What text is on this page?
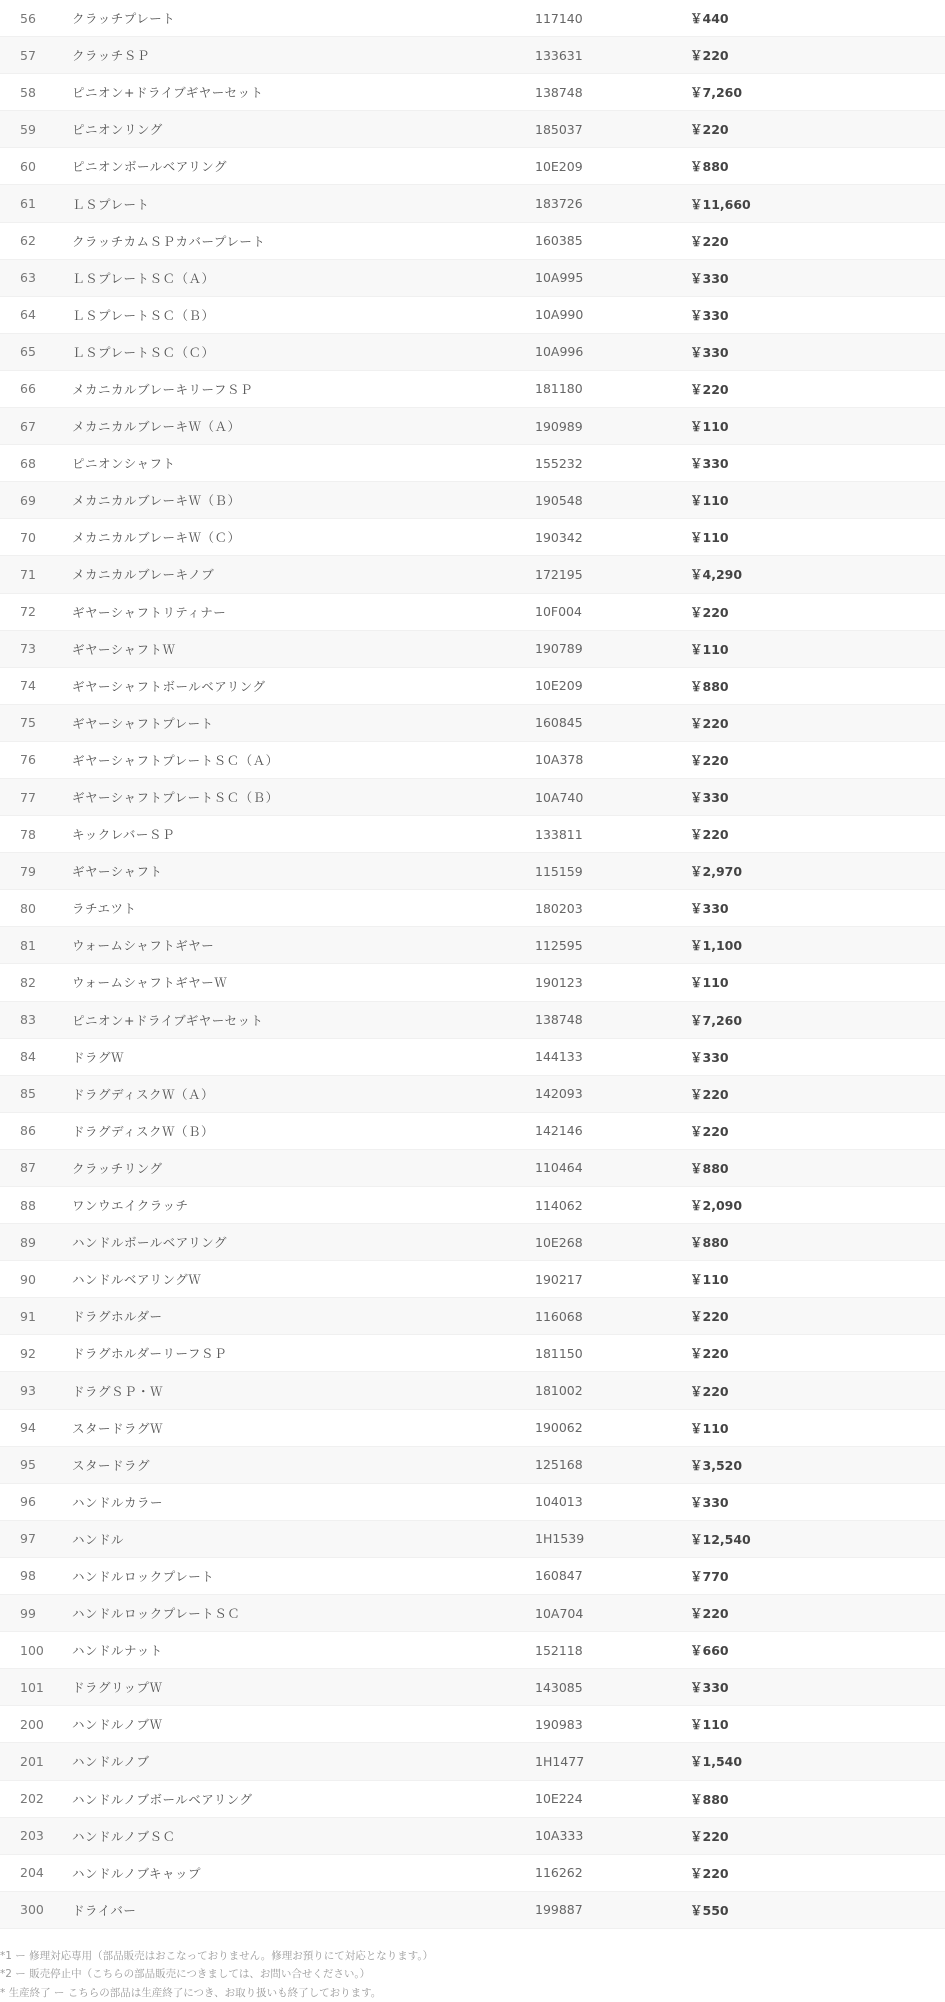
56	クラッチプレート	117140	￥440
57	クラッチＳＰ	133631	￥220
58	ピニオン+ドライブギヤーセット	138748	￥7,260
59	ピニオンリング	185037	￥220
60	ピニオンボールベアリング	10E209	￥880
61	ＬＳプレート	183726	￥11,660
62	クラッチカムＳＰカバープレート	160385	￥220
63	ＬＳプレートＳＣ（Ａ）	10A995	￥330
64	ＬＳプレートＳＣ（Ｂ）	10A990	￥330
65	ＬＳプレートＳＣ（Ｃ）	10A996	￥330
66	メカニカルブレーキリーフＳＰ	181180	￥220
67	メカニカルブレーキＷ（Ａ）	190989	￥110
68	ピニオンシャフト	155232	￥330
69	メカニカルブレーキＷ（Ｂ）	190548	￥110
70	メカニカルブレーキＷ（Ｃ）	190342	￥110
71	メカニカルブレーキノブ	172195	￥4,290
72	ギヤーシャフトリティナー	10F004	￥220
73	ギヤーシャフトＷ	190789	￥110
74	ギヤーシャフトボールベアリング	10E209	￥880
75	ギヤーシャフトプレート	160845	￥220
76	ギヤーシャフトプレートＳＣ（Ａ）	10A378	￥220
77	ギヤーシャフトプレートＳＣ（Ｂ）	10A740	￥330
78	キックレバーＳＰ	133811	￥220
79	ギヤーシャフト	115159	￥2,970
80	ラチエツト	180203	￥330
81	ウォームシャフトギヤー	112595	￥1,100
82	ウォームシャフトギヤーＷ	190123	￥110
83	ピニオン+ドライブギヤーセット	138748	￥7,260
84	ドラグＷ	144133	￥330
85	ドラグディスクＷ（Ａ）	142093	￥220
86	ドラグディスクＷ（Ｂ）	142146	￥220
87	クラッチリング	110464	￥880
88	ワンウエイクラッチ	114062	￥2,090
89	ハンドルボールベアリング	10E268	￥880
90	ハンドルベアリングＷ	190217	￥110
91	ドラグホルダー	116068	￥220
92	ドラグホルダーリーフＳＰ	181150	￥220
93	ドラグＳＰ・Ｗ	181002	￥220
94	スタードラグＷ	190062	￥110
95	スタードラグ	125168	￥3,520
96	ハンドルカラー	104013	￥330
97	ハンドル	1H1539	￥12,540
98	ハンドルロックプレート	160847	￥770
99	ハンドルロックプレートＳＣ	10A704	￥220
100	ハンドルナット	152118	￥660
101	ドラグリップＷ	143085	￥330
200	ハンドルノブＷ	190983	￥110
201	ハンドルノブ	1H1477	￥1,540
202	ハンドルノブボールベアリング	10E224	￥880
203	ハンドルノブＳＣ	10A333	￥220
204	ハンドルノブキャップ	116262	￥220
300	ドライバー	199887	￥550
*1 ー 修理対応専用（部品販売はおこなっておりません。修理お預りにて対応となります。）
*2 ー 販売停止中（こちらの部品販売につきましては、お問い合せください。）
* 生産終了 ー こちらの部品は生産終了につき、お取り扱いも終了しております。
